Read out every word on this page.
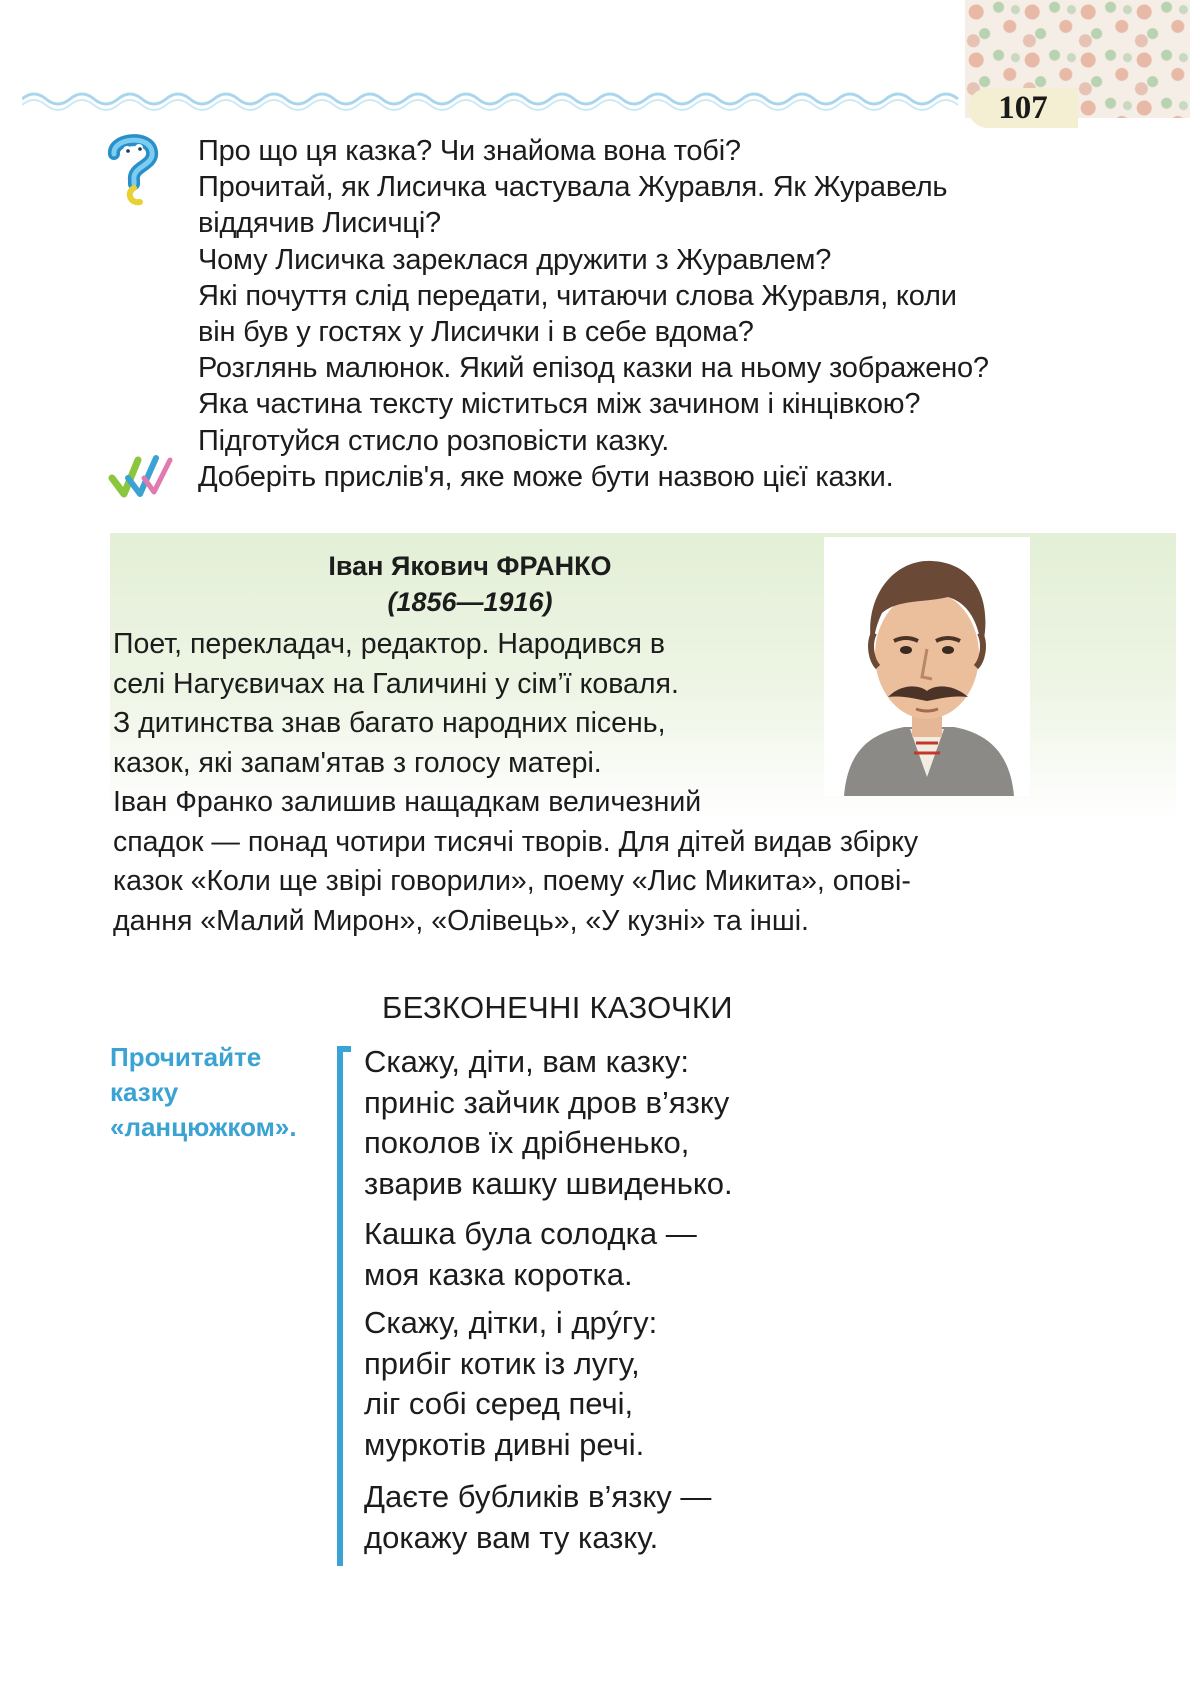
107

Про що ця казка? Чи знайома вона тобі?

Прочитай, як Лисичка частувала Журавля. Як Журавель

віддячив Лисичці?

Чому Лисичка зареклася дружити з Журавлем?

Які почуття слід передати, читаючи слова Журавля, коли

він був у гостях у Лисички і в себе вдома?

Розглянь малюнок. Який епізод казки на ньому зображено?

Яка частина тексту міститься між зачином і кінцівкою?

Підготуйся стисло розповісти казку.

Доберіть прислів'я, яке може бути назвою цієї казки.

Іван Якович ФРАНКО

(1856—1916)

Поет, перекладач, редактор. Народився в

селі Нагуєвичах на Галичині у сім’ї коваля.

З дитинства знав багато народних пісень,

казок, які запам'ятав з голосу матері.

Іван Франко залишив нащадкам величезний

спадок — понад чотири тисячі творів. Для дітей видав збірку

казок «Коли ще звірі говорили», поему «Лис Микита», опові-

дання «Малий Мирон», «Олівець», «У кузні» та інші.

БЕЗКОНЕЧНІ КАЗОЧКИ

Прочитайте

казку

«ланцюжком».

Скажу, діти, вам казку:

приніс зайчик дров в’язку

поколов їх дрібненько,

зварив кашку швиденько.

Кашка була солодка —

моя казка коротка.

Скажу, дітки, і дру́гу:

прибіг котик із лугу,

ліг собі серед печі,

муркотів дивні речі.

Даєте бубликів в’язку —

докажу вам ту казку.
